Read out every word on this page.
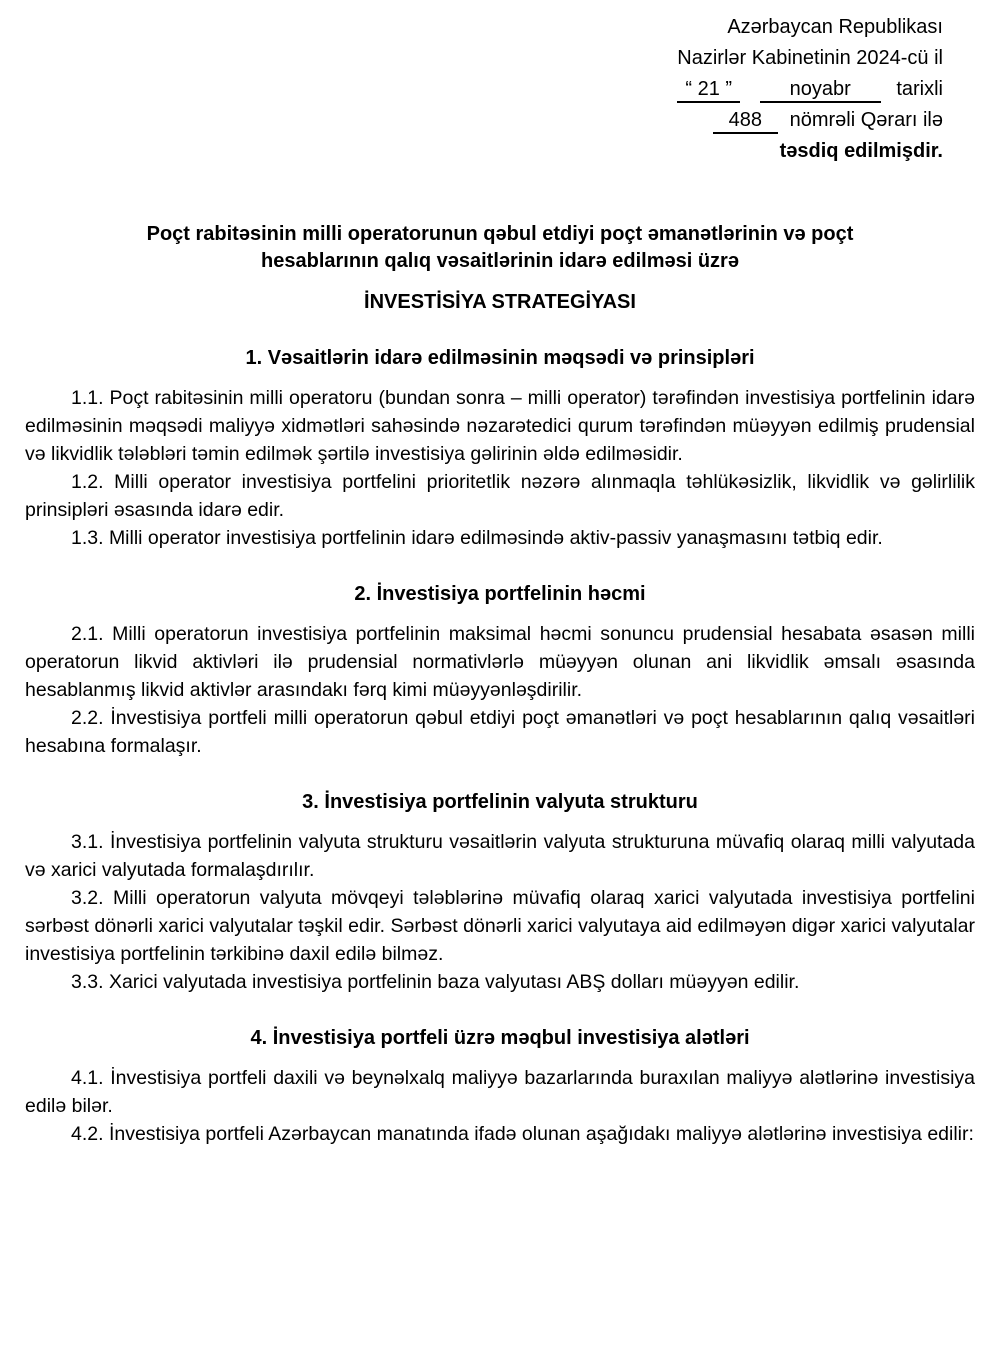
Azərbaycan Republikası
Nazirlər Kabinetinin 2024-cü il
“ 21 ”	noyabr tarixli
488 nömrəli Qərarı ilə
təsdiq edilmişdir.
Poçt rabitəsinin milli operatorunun qəbul etdiyi poçt əmanətlərinin və poçt
hesablarının qalıq vəsaitlərinin idarə edilməsi üzrə
İNVESTİSİYA STRATEGİYASI
1. Vəsaitlərin idarə edilməsinin məqsədi və prinsipləri

1.1. Poçt rabitəsinin milli operatoru (bundan sonra – milli operator) tərəfindən investisiya portfelinin idarə edilməsinin məqsədi maliyyə xidmətləri sahəsində nəzarətedici qurum tərəfindən müəyyən edilmiş prudensial və likvidlik tələbləri təmin edilmək şərtilə investisiya gəlirinin əldə edilməsidir.

1.2. Milli operator investisiya portfelini prioritetlik nəzərə alınmaqla təhlükəsizlik, likvidlik və gəlirlilik prinsipləri əsasında idarə edir.

1.3. Milli operator investisiya portfelinin idarə edilməsində aktiv-passiv yanaşmasını tətbiq edir.

2. İnvestisiya portfelinin həcmi

2.1. Milli operatorun investisiya portfelinin maksimal həcmi sonuncu prudensial hesabata əsasən milli operatorun likvid aktivləri ilə prudensial normativlərlə müəyyən olunan ani likvidlik əmsalı əsasında hesablanmış likvid aktivlər arasındakı fərq kimi müəyyənləşdirilir.

2.2. İnvestisiya portfeli milli operatorun qəbul etdiyi poçt əmanətləri və poçt hesablarının qalıq vəsaitləri hesabına formalaşır.

3. İnvestisiya portfelinin valyuta strukturu

3.1. İnvestisiya portfelinin valyuta strukturu vəsaitlərin valyuta strukturuna müvafiq olaraq milli valyutada və xarici valyutada formalaşdırılır.

3.2. Milli operatorun valyuta mövqeyi tələblərinə müvafiq olaraq xarici valyutada investisiya portfelini sərbəst dönərli xarici valyutalar təşkil edir. Sərbəst dönərli xarici valyutaya aid edilməyən digər xarici valyutalar investisiya portfelinin tərkibinə daxil edilə bilməz.

3.3. Xarici valyutada investisiya portfelinin baza valyutası ABŞ dolları müəyyən edilir.

4. İnvestisiya portfeli üzrə məqbul investisiya alətləri

4.1. İnvestisiya portfeli daxili və beynəlxalq maliyyə bazarlarında buraxılan maliyyə alətlərinə investisiya edilə bilər.

4.2. İnvestisiya portfeli Azərbaycan manatında ifadə olunan aşağıdakı maliyyə alətlərinə investisiya edilir:
